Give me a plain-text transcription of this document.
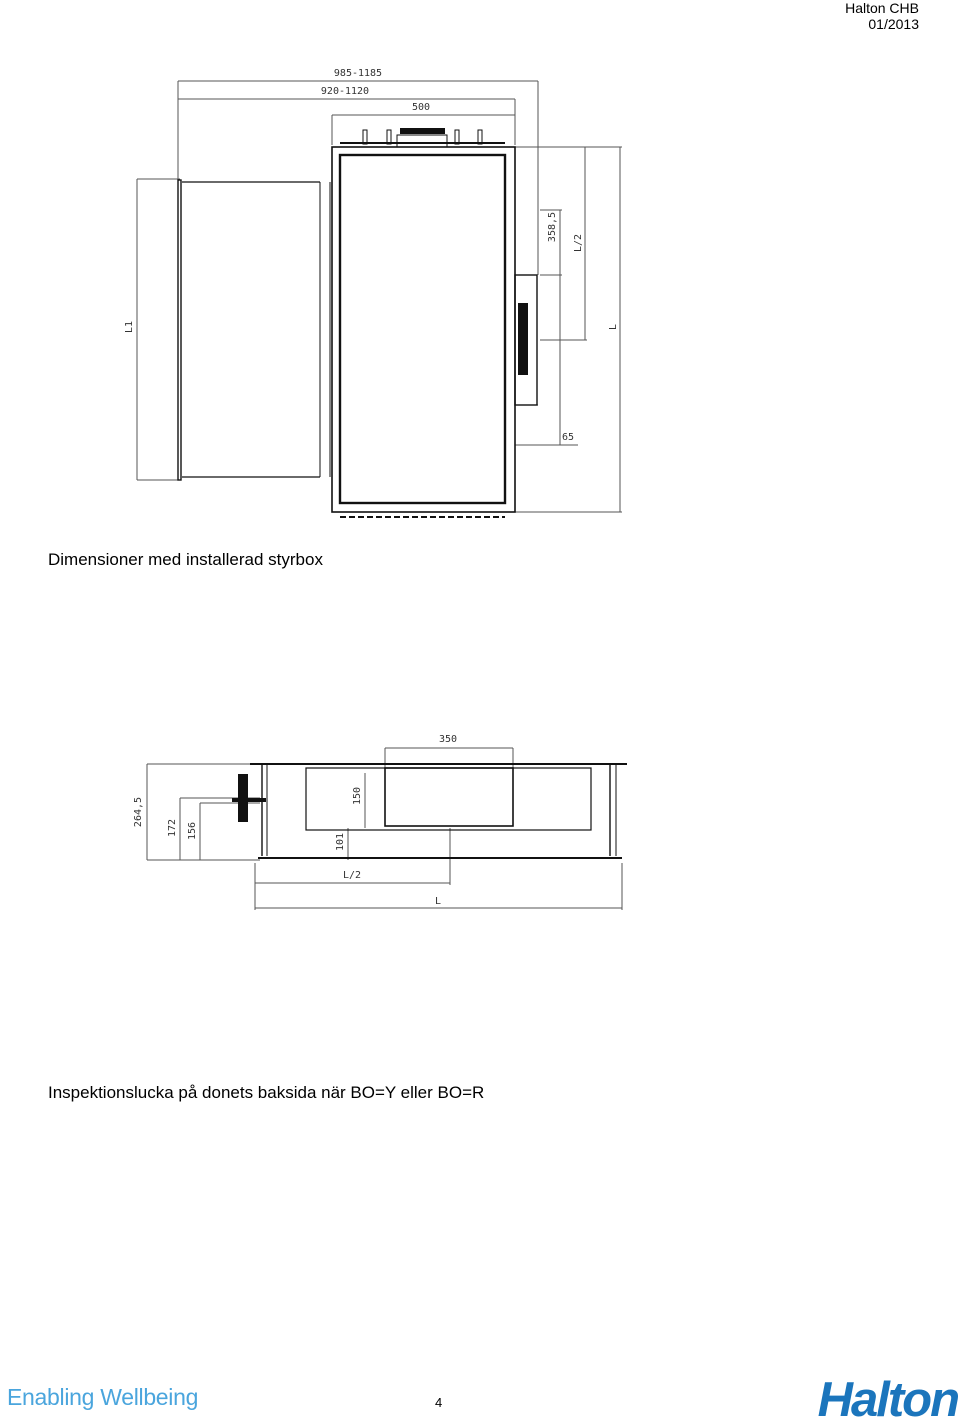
Halton CHB
01/2013
985-1185
920-1120
500
358,5
L/2
L
L1
65
Dimensioner med installerad styrbox
350
264,5
172 156
150
101
L/2
L
Inspektionslucka på donets baksida när BO=Y eller BO=R
Enabling Wellbeing	4	Halton
